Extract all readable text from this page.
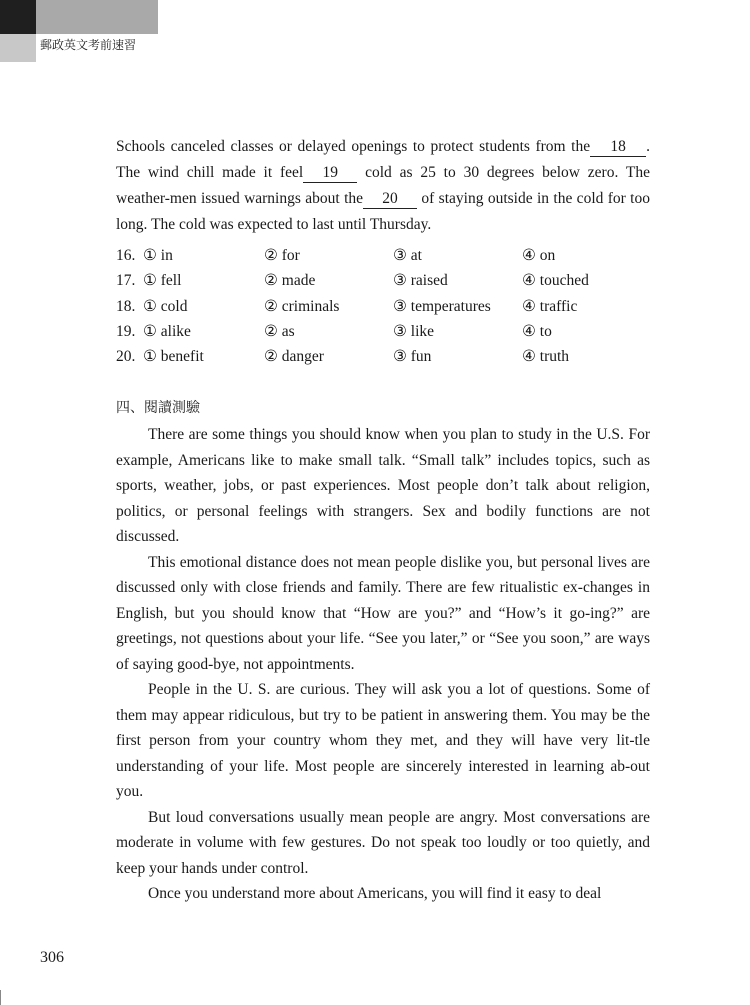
郵政英文考前速習

Schools canceled classes or delayed openings to protect students from the 18 . The wind chill made it feel 19 cold as 25 to 30 degrees below zero. The weather-men issued warnings about the 20 of staying outside in the cold for too long. The cold was expected to last until Thursday.

16. ① in	② for	③ at	④ on
17. ① fell	② made	③ raised	④ touched
18. ① cold	② criminals	③ temperatures ④ traffic
19. ① alike	② as	③ like	④ to
20. ① benefit	② danger	③ fun	④ truth
四、閱讀測驗

There are some things you should know when you plan to study in the U.S. For example, Americans like to make small talk. “Small talk” includes topics, such as sports, weather, jobs, or past experiences. Most people don’t talk about religion, politics, or personal feelings with strangers. Sex and bodily functions are not discussed.

This emotional distance does not mean people dislike you, but personal lives are discussed only with close friends and family. There are few ritualistic ex-changes in English, but you should know that “How are you?” and “How’s it go-ing?” are greetings, not questions about your life. “See you later,” or “See you soon,” are ways of saying good-bye, not appointments.

People in the U. S. are curious. They will ask you a lot of questions. Some of them may appear ridiculous, but try to be patient in answering them. You may be the first person from your country whom they met, and they will have very lit-tle understanding of your life. Most people are sincerely interested in learning ab-out you.

But loud conversations usually mean people are angry. Most conversations are moderate in volume with few gestures. Do not speak too loudly or too quietly, and keep your hands under control.

Once you understand more about Americans, you will find it easy to deal

306
